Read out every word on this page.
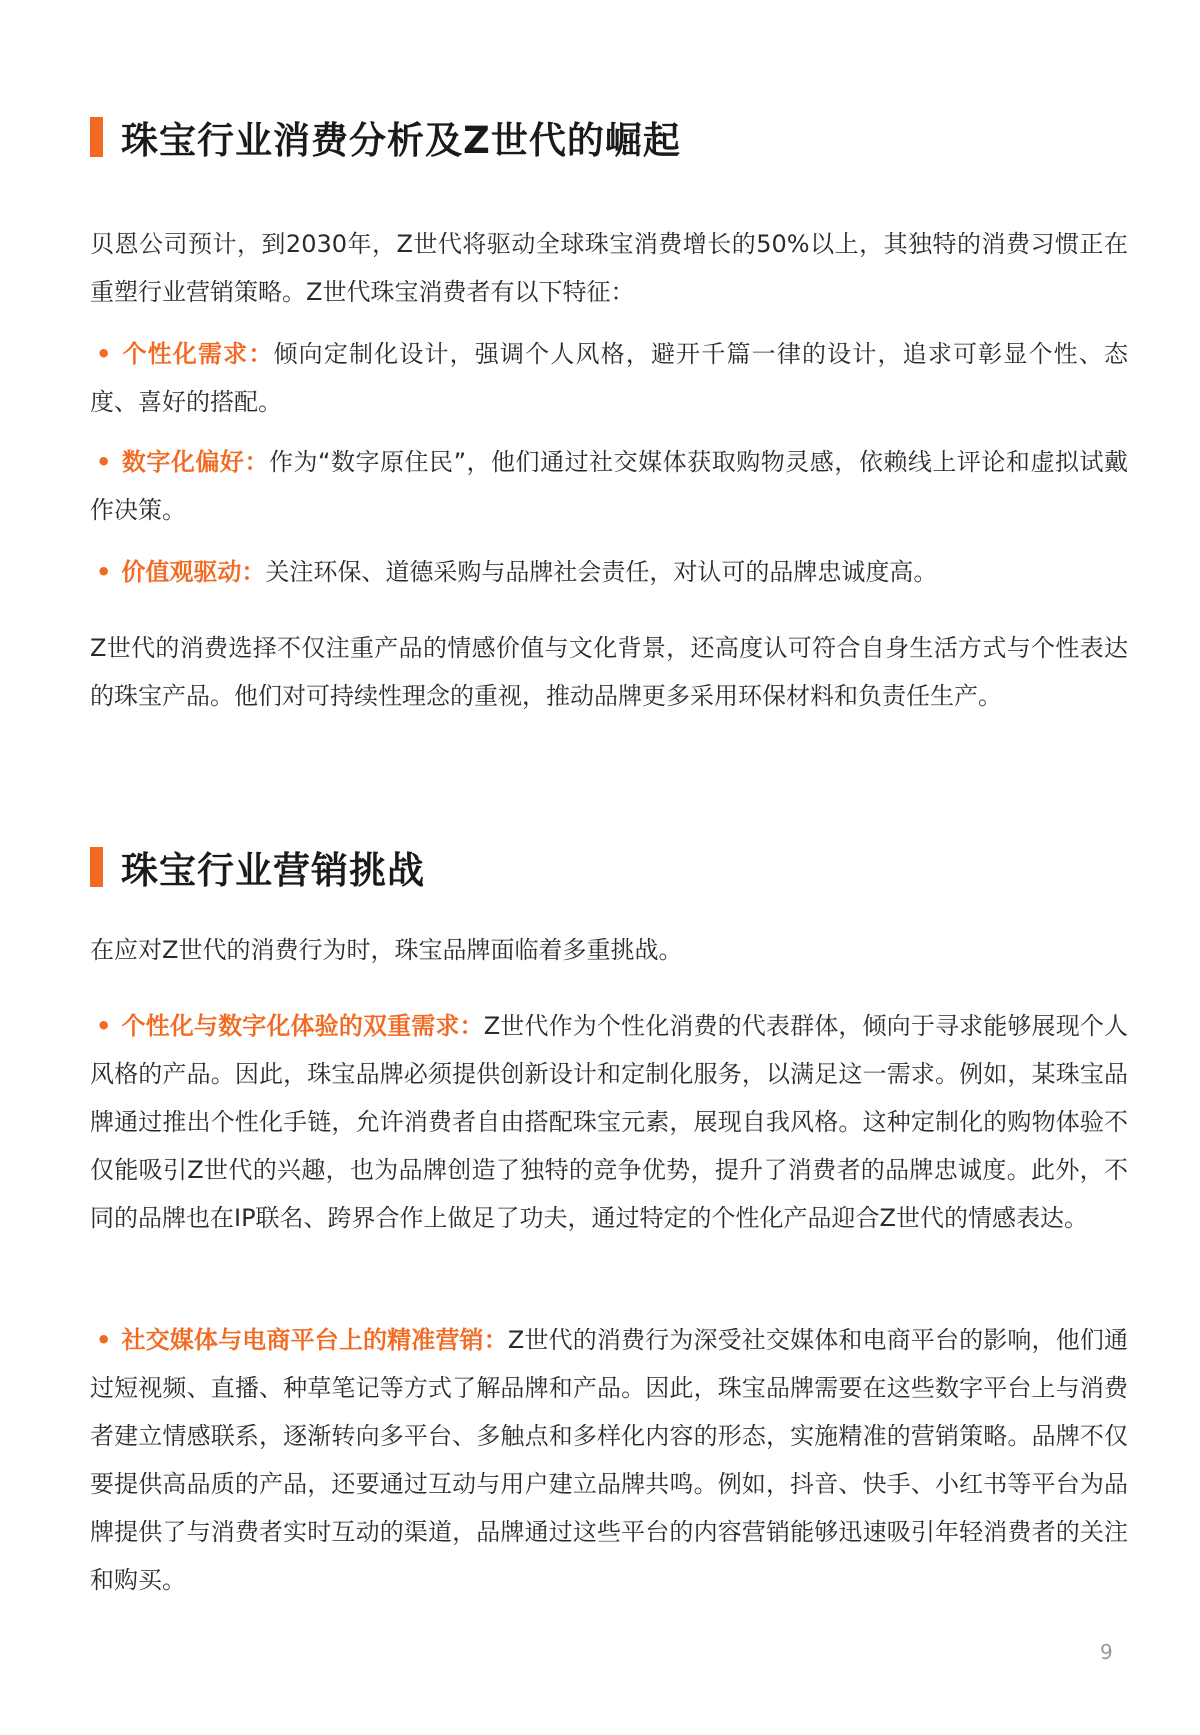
珠宝行业消费分析及Z世代的崛起

贝恩公司预计，到2030年，Z世代将驱动全球珠宝消费增长的50%以上，其独特的消费习惯正在重塑行业营销策略。Z世代珠宝消费者有以下特征：

• 个性化需求：倾向定制化设计，强调个人风格，避开千篇一律的设计，追求可彰显个性、态度、喜好的搭配。

• 数字化偏好：作为“数字原住民”，他们通过社交媒体获取购物灵感，依赖线上评论和虚拟试戴作决策。

• 价值观驱动：关注环保、道德采购与品牌社会责任，对认可的品牌忠诚度高。

Z世代的消费选择不仅注重产品的情感价值与文化背景，还高度认可符合自身生活方式与个性表达的珠宝产品。他们对可持续性理念的重视，推动品牌更多采用环保材料和负责任生产。

珠宝行业营销挑战

在应对Z世代的消费行为时，珠宝品牌面临着多重挑战。

• 个性化与数字化体验的双重需求：Z世代作为个性化消费的代表群体，倾向于寻求能够展现个人风格的产品。因此，珠宝品牌必须提供创新设计和定制化服务，以满足这一需求。例如，某珠宝品牌通过推出个性化手链，允许消费者自由搭配珠宝元素，展现自我风格。这种定制化的购物体验不仅能吸引Z世代的兴趣，也为品牌创造了独特的竞争优势，提升了消费者的品牌忠诚度。此外，不同的品牌也在IP联名、跨界合作上做足了功夫，通过特定的个性化产品迎合Z世代的情感表达。

• 社交媒体与电商平台上的精准营销：Z世代的消费行为深受社交媒体和电商平台的影响，他们通过短视频、直播、种草笔记等方式了解品牌和产品。因此，珠宝品牌需要在这些数字平台上与消费者建立情感联系，逐渐转向多平台、多触点和多样化内容的形态，实施精准的营销策略。品牌不仅要提供高品质的产品，还要通过互动与用户建立品牌共鸣。例如，抖音、快手、小红书等平台为品牌提供了与消费者实时互动的渠道，品牌通过这些平台的内容营销能够迅速吸引年轻消费者的关注和购买。

9
